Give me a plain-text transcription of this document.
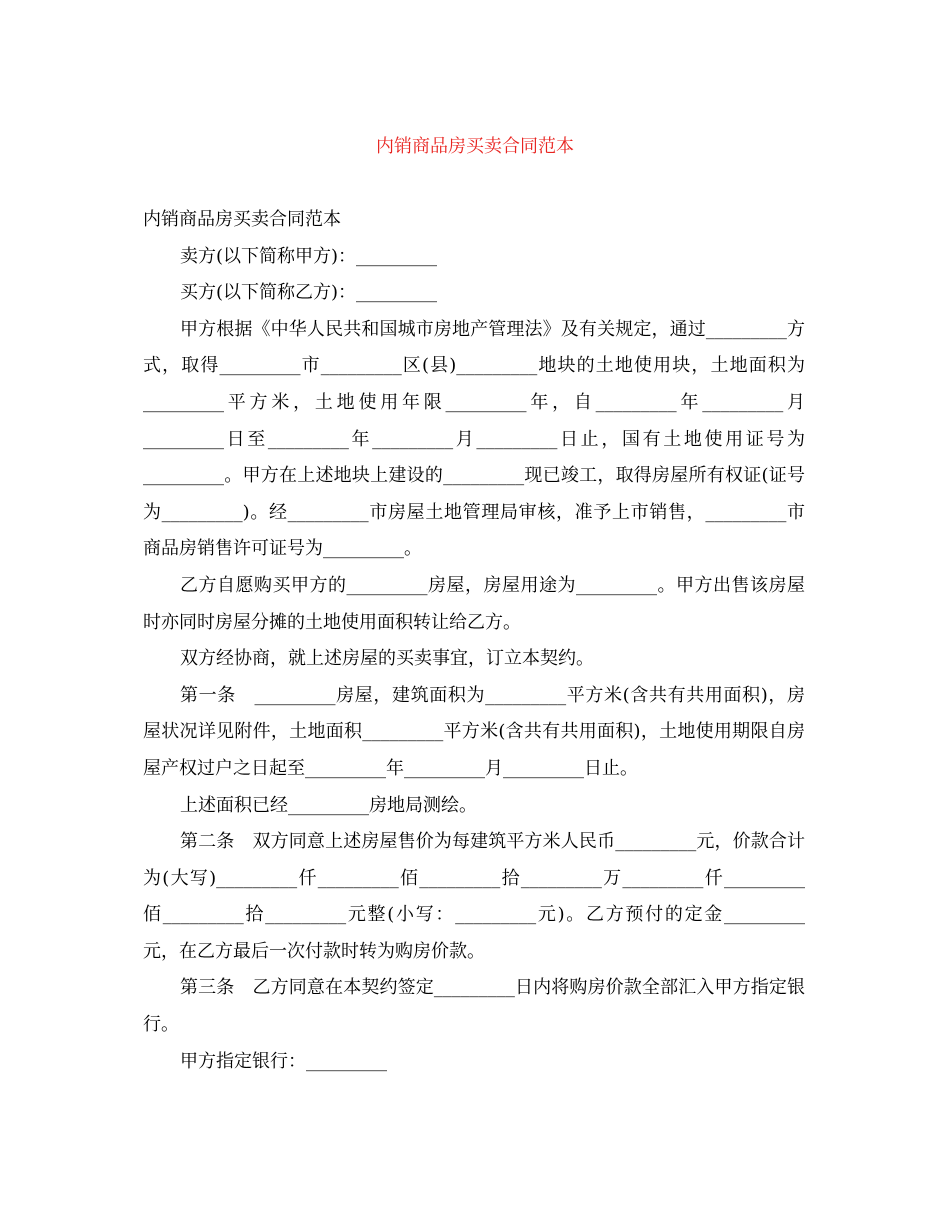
内销商品房买卖合同范本

内销商品房买卖合同范本

卖方(以下简称甲方)：_________

买方(以下简称乙方)：_________

甲方根据《中华人民共和国城市房地产管理法》及有关规定，通过_________方式，取得_________市_________区(县)_________地块的土地使用块，土地面积为_________平方米，土地使用年限_________年，自_________年_________月_________日至_________年_________月_________日止，国有土地使用证号为_________。甲方在上述地块上建设的_________现已竣工，取得房屋所有权证(证号为_________)。经_________市房屋土地管理局审核，准予上市销售，_________市商品房销售许可证号为_________。

乙方自愿购买甲方的_________房屋，房屋用途为_________。甲方出售该房屋时亦同时房屋分摊的土地使用面积转让给乙方。

双方经协商，就上述房屋的买卖事宜，订立本契约。

第一条　_________房屋，建筑面积为_________平方米(含共有共用面积)，房屋状况详见附件，土地面积_________平方米(含共有共用面积)，土地使用期限自房屋产权过户之日起至_________年_________月_________日止。

上述面积已经_________房地局测绘。

第二条　双方同意上述房屋售价为每建筑平方米人民币_________元，价款合计为(大写)_________仟_________佰_________拾_________万_________仟_________佰_________拾_________元整(小写：_________元)。乙方预付的定金_________元，在乙方最后一次付款时转为购房价款。

第三条　乙方同意在本契约签定_________日内将购房价款全部汇入甲方指定银行。

甲方指定银行：_________
